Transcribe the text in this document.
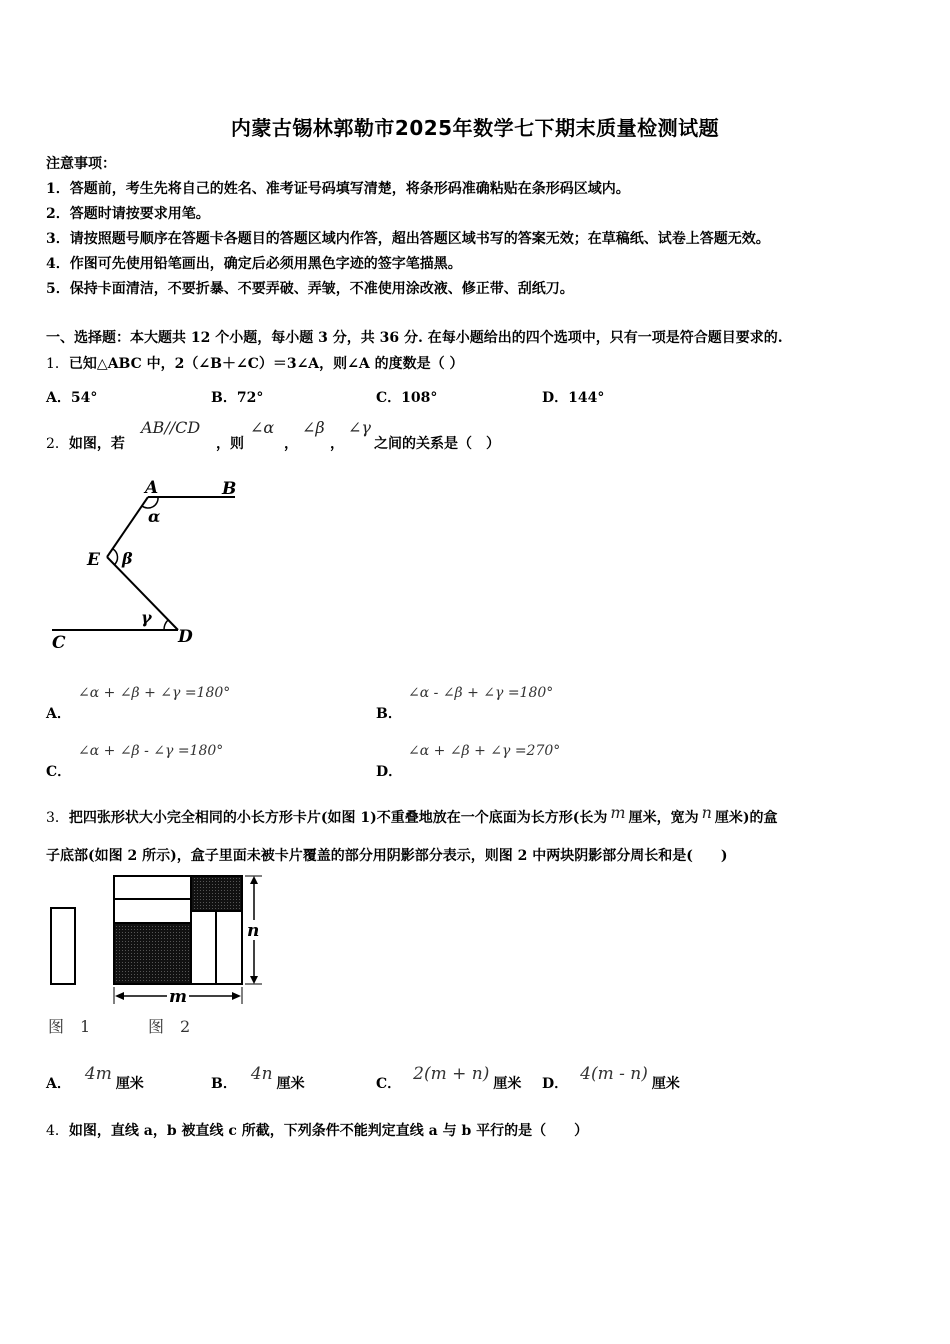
内蒙古锡林郭勒市2025年数学七下期末质量检测试题
注意事项：
1．答题前，考生先将自己的姓名、准考证号码填写清楚，将条形码准确粘贴在条形码区域内。
2．答题时请按要求用笔。
3．请按照题号顺序在答题卡各题目的答题区域内作答，超出答题区域书写的答案无效；在草稿纸、试卷上答题无效。
4．作图可先使用铅笔画出，确定后必须用黑色字迹的签字笔描黑。
5．保持卡面清洁，不要折暴、不要弄破、弄皱，不准使用涂改液、修正带、刮纸刀。
一、选择题：本大题共 12 个小题，每小题 3 分，共 36 分. 在每小题给出的四个选项中，只有一项是符合题目要求的.
1．已知△ABC 中，2（∠B＋∠C）＝3∠A，则∠A 的度数是（ ）
A．54°	B．72°	C．108°	D．144°
2．如图，若
AB//CD
，则
∠α
，
∠β
，
∠γ
之间的关系是（　）
A	B
α
E β
γ
D
C
A．
∠α + ∠β + ∠γ =180°
B．
∠α - ∠β + ∠γ =180°
C．
∠α + ∠β - ∠γ =180°
D．
∠α + ∠β + ∠γ =270°
3．把四张形状大小完全相同的小长方形卡片(如图 1)不重叠地放在一个底面为长方形(长为 m 厘米，宽为 n 厘米)的盒
子底部(如图 2 所示)，盒子里面未被卡片覆盖的部分用阴影部分表示，则图 2 中两块阴影部分周长和是(　　)
n
m
图　1	图　2
A． 4m 厘米	B． 4n 厘米	C． 2(m + n) 厘米 D． 4(m - n) 厘米
4．如图，直线 a，b 被直线 c 所截，下列条件不能判定直线 a 与 b 平行的是（　　）
